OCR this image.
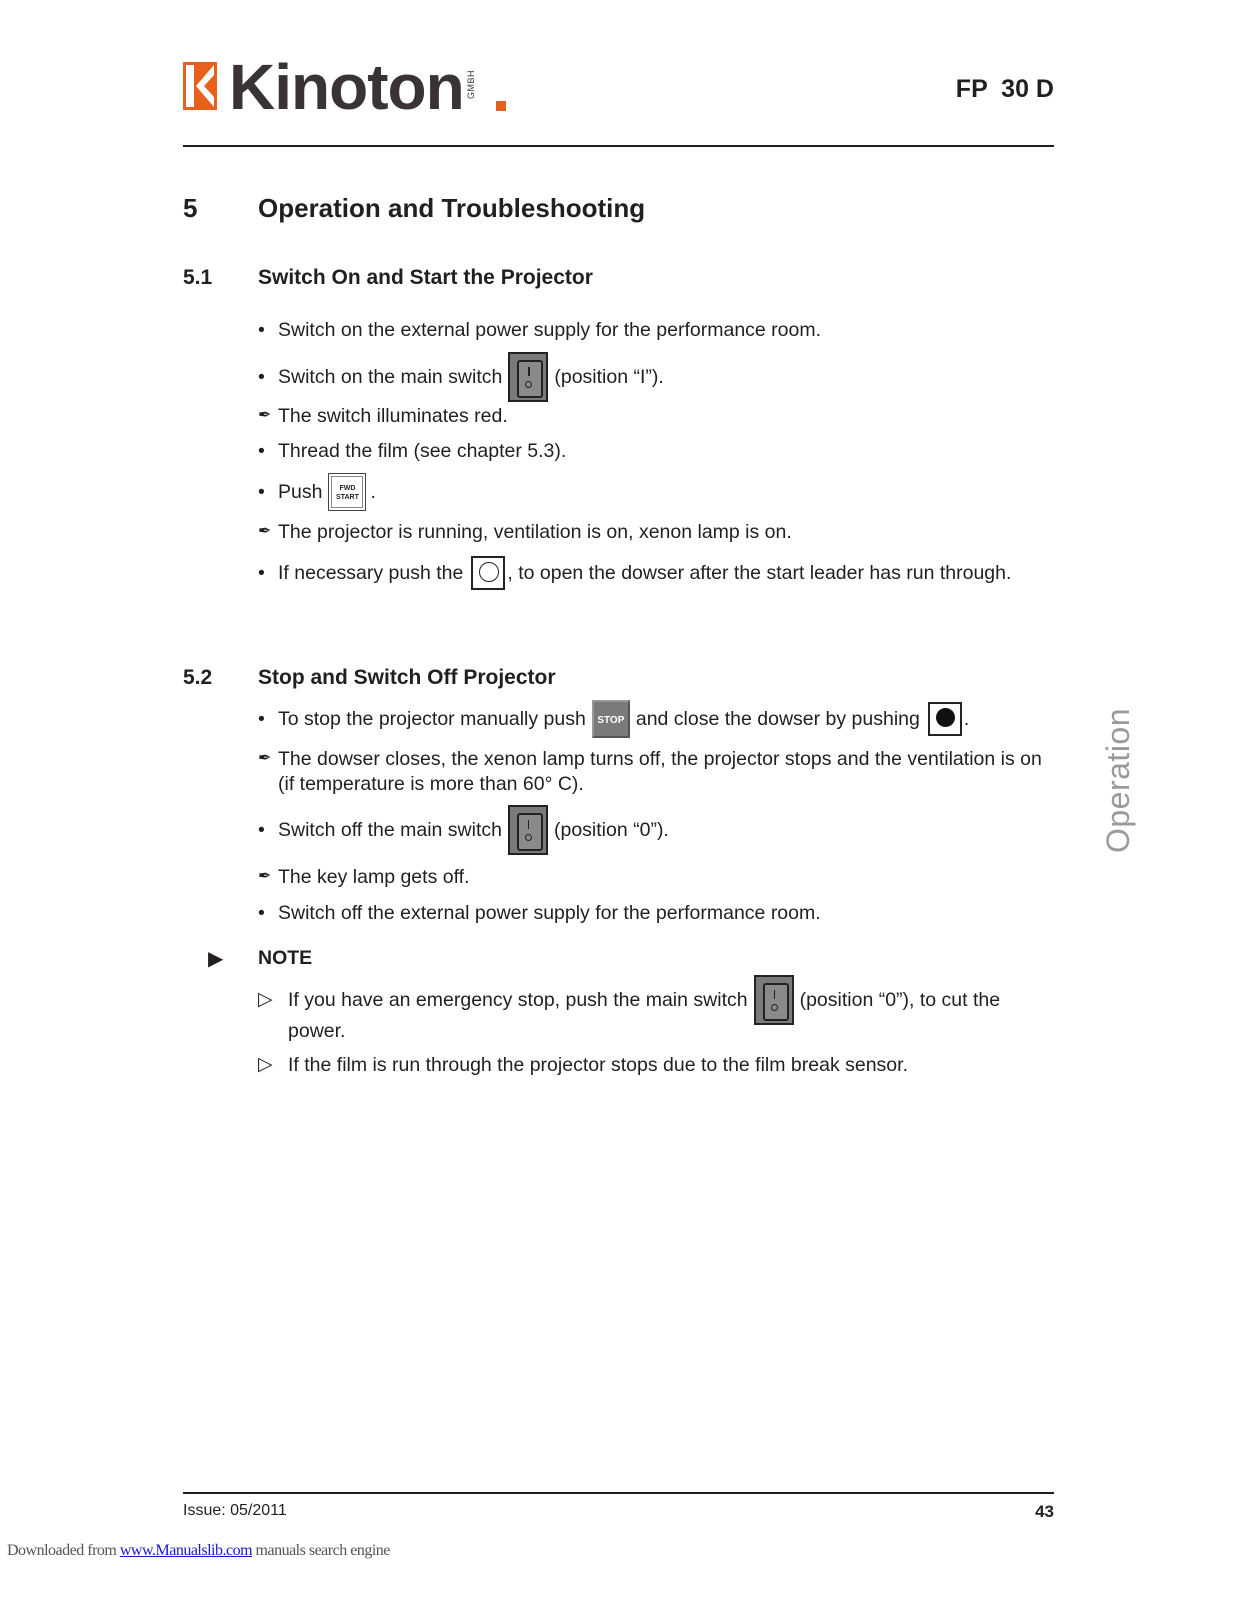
Kinoton GMBH	FP  30 D
5 Operation and Troubleshooting
5.1 Switch On and Start the Projector
• Switch on the external power supply for the performance room.
• Switch on the main switch	(position “I”).
✒ The switch illuminates red.
• Thread the film (see chapter 5.3).
• Push	FWD
START .
✒ The projector is running, ventilation is on, xenon lamp is on.
• If necessary push the , to open the dowser after the start leader has run through.
5.2 Stop and Switch Off Projector
• To stop the projector manually push	STOP and close the dowser by pushing .
✒ The dowser closes, the xenon lamp turns off, the projector stops and the ventilation is on (if temperature is more than 60° C).
• Switch off the main switch	(position “0”).
✒ The key lamp gets off.
• Switch off the external power supply for the performance room.
Operation
▶ NOTE
▷ If you have an emergency stop, push the main switch	(position “0”), to cut the
power.
▷ If the film is run through the projector stops due to the film break sensor.
Issue: 05/2011	43
Downloaded from www.Manualslib.com manuals search engine
